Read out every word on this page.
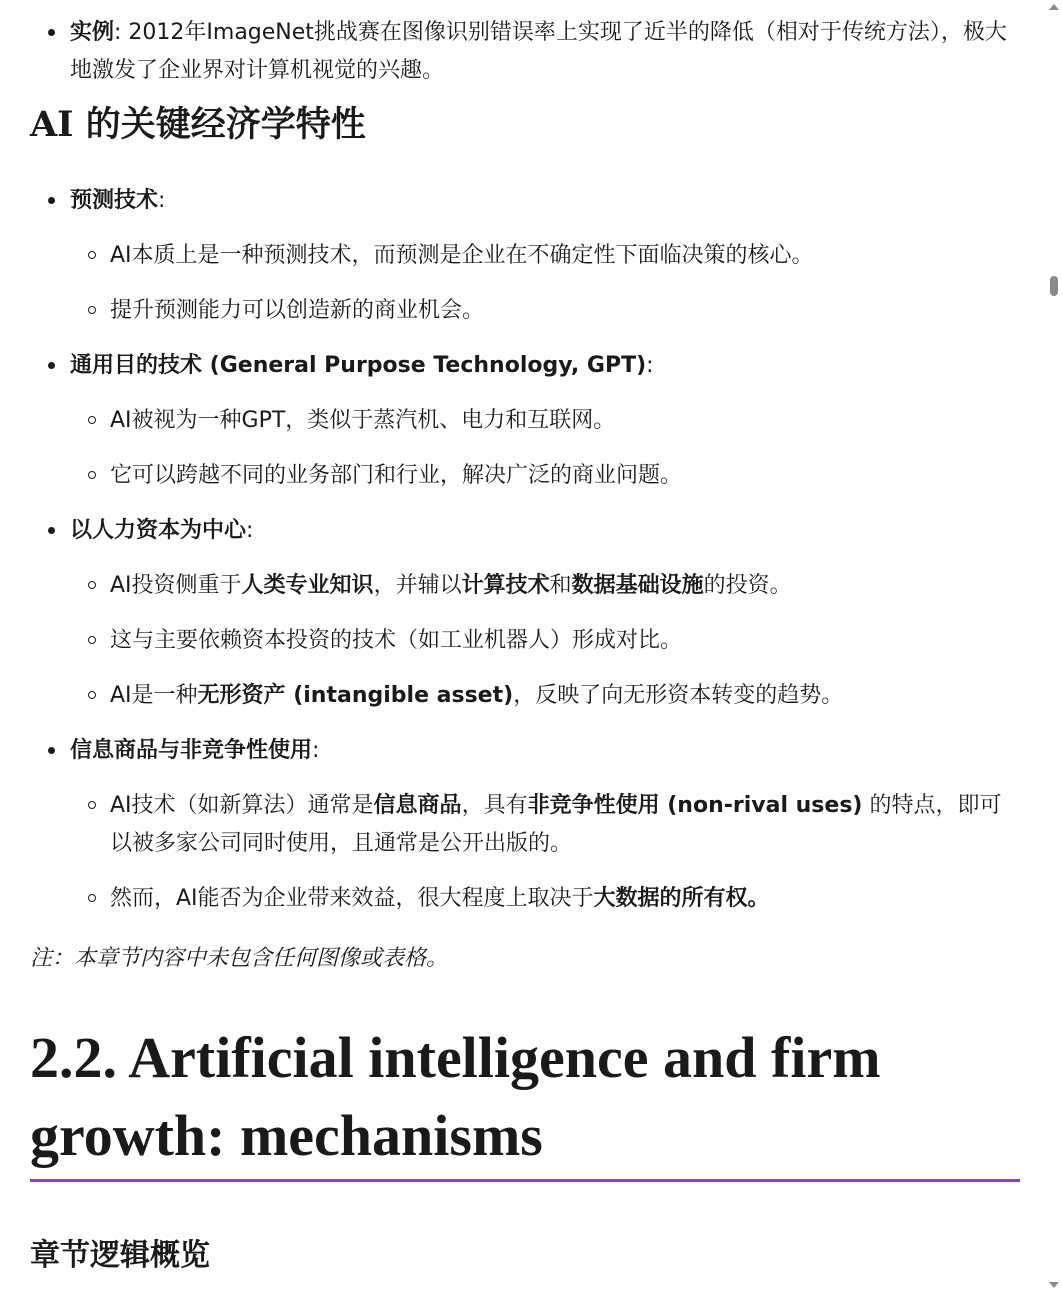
实例: 2012年ImageNet挑战赛在图像识别错误率上实现了近半的降低（相对于传统方法），极大地激发了企业界对计算机视觉的兴趣。
AI 的关键经济学特性
预测技术:
AI本质上是一种预测技术，而预测是企业在不确定性下面临决策的核心。
提升预测能力可以创造新的商业机会。
通用目的技术 (General Purpose Technology, GPT):
AI被视为一种GPT，类似于蒸汽机、电力和互联网。
它可以跨越不同的业务部门和行业，解决广泛的商业问题。
以人力资本为中心:
AI投资侧重于人类专业知识，并辅以计算技术和数据基础设施的投资。
这与主要依赖资本投资的技术（如工业机器人）形成对比。
AI是一种无形资产 (intangible asset)，反映了向无形资本转变的趋势。
信息商品与非竞争性使用:
AI技术（如新算法）通常是信息商品，具有非竞争性使用 (non-rival uses) 的特点，即可以被多家公司同时使用，且通常是公开出版的。
然而，AI能否为企业带来效益，很大程度上取决于大数据的所有权。
注：本章节内容中未包含任何图像或表格。
2.2. Artificial intelligence and firm growth: mechanisms
章节逻辑概览
